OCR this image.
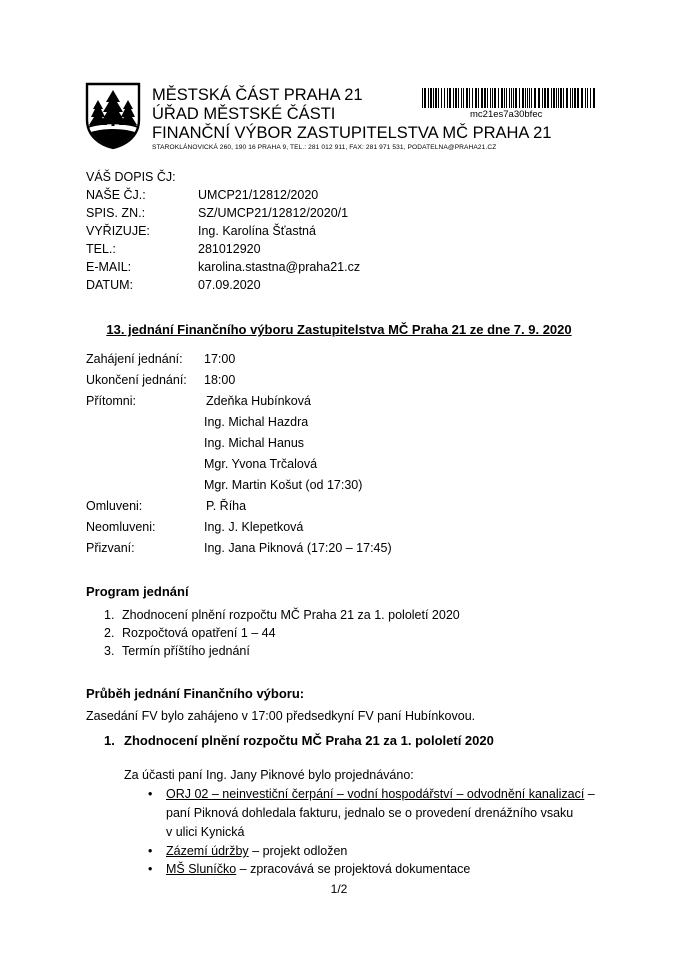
MĚSTSKÁ ČÁST PRAHA 21
ÚŘAD MĚSTSKÉ ČÁSTI
FINANČNÍ VÝBOR ZASTUPITELSTVA MČ PRAHA 21
STAROKLÁNOVICKÁ 260, 190 16 PRAHA 9, TEL.: 281 012 911, FAX: 281 971 531, PODATELNA@PRAHA21.CZ
mc21es7a30bfec
VÁŠ DOPIS ČJ:
NAŠE ČJ.:	UMCP21/12812/2020
SPIS. ZN.:	SZ/UMCP21/12812/2020/1
VYŘIZUJE:	Ing. Karolína Šťastná
TEL.:	281012920
E-MAIL:	karolina.stastna@praha21.cz
DATUM:	07.09.2020
13. jednání Finančního výboru Zastupitelstva MČ Praha 21 ze dne 7. 9. 2020
Zahájení jednání: 17:00
Ukončení jednání: 18:00
Přítomni:	Zdeňka Hubínková
Ing. Michal Hazdra
Ing. Michal Hanus
Mgr. Yvona Trčalová
Mgr. Martin Košut (od 17:30)
Omluveni:	P. Říha
Neomluveni:	Ing. J. Klepetková
Přizvaní:	Ing. Jana Piknová (17:20 – 17:45)
Program jednání
1. Zhodnocení plnění rozpočtu MČ Praha 21 za 1. pololetí 2020
2. Rozpočtová opatření 1 – 44
3. Termín příštího jednání
Průběh jednání Finančního výboru:
Zasedání FV bylo zahájeno v 17:00 předsedkyní FV paní Hubínkovou.
1. Zhodnocení plnění rozpočtu MČ Praha 21 za 1. pololetí 2020
Za účasti paní Ing. Jany Piknové bylo projednáváno:
• ORJ 02 – neinvestiční čerpání – vodní hospodářství – odvodnění kanalizací –
paní Piknová dohledala fakturu, jednalo se o provedení drenážního vsaku
v ulici Kynická
• Zázemí údržby – projekt odložen
• MŠ Sluníčko – zpracovává se projektová dokumentace
1/2
